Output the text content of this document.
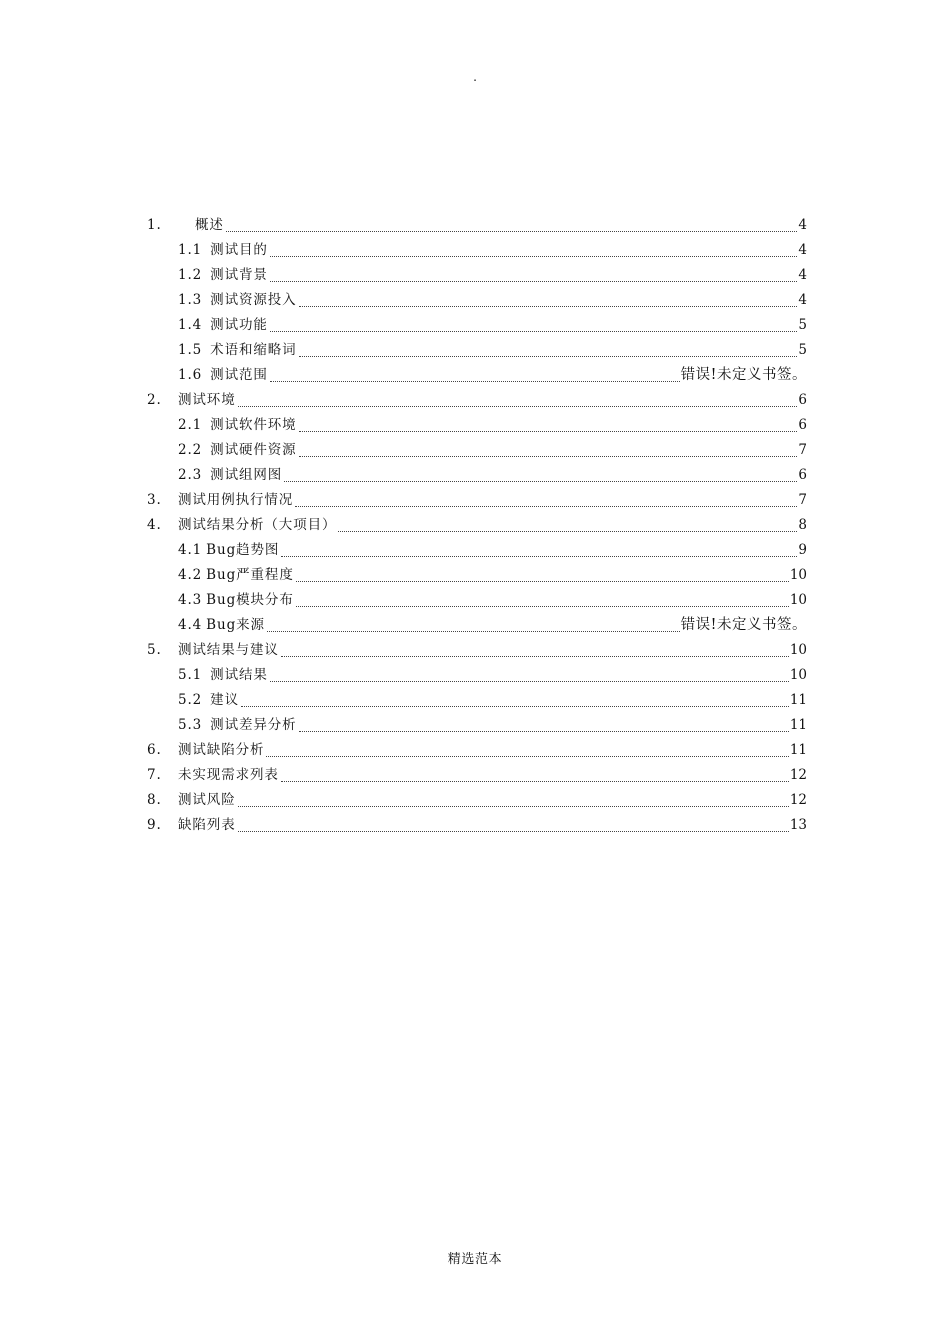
.
1.	概述	4
1.1 测试目的	4
1.2 测试背景	4
1.3 测试资源投入	4
1.4 测试功能	5
1.5 术语和缩略词	5
1.6 测试范围	错误!未定义书签。
2.	测试环境	6
2.1 测试软件环境	6
2.2 测试硬件资源	7
2.3 测试组网图	6
3.	测试用例执行情况	7
4.	测试结果分析（大项目）	8
4.1 Bug趋势图	9
4.2 Bug严重程度	10
4.3 Bug模块分布	10
4.4 Bug来源	错误!未定义书签。
5.	测试结果与建议	10
5.1 测试结果	10
5.2 建议	11
5.3 测试差异分析	11
6.	测试缺陷分析	11
7.	未实现需求列表	12
8.	测试风险	12
9.	缺陷列表	13
精选范本
